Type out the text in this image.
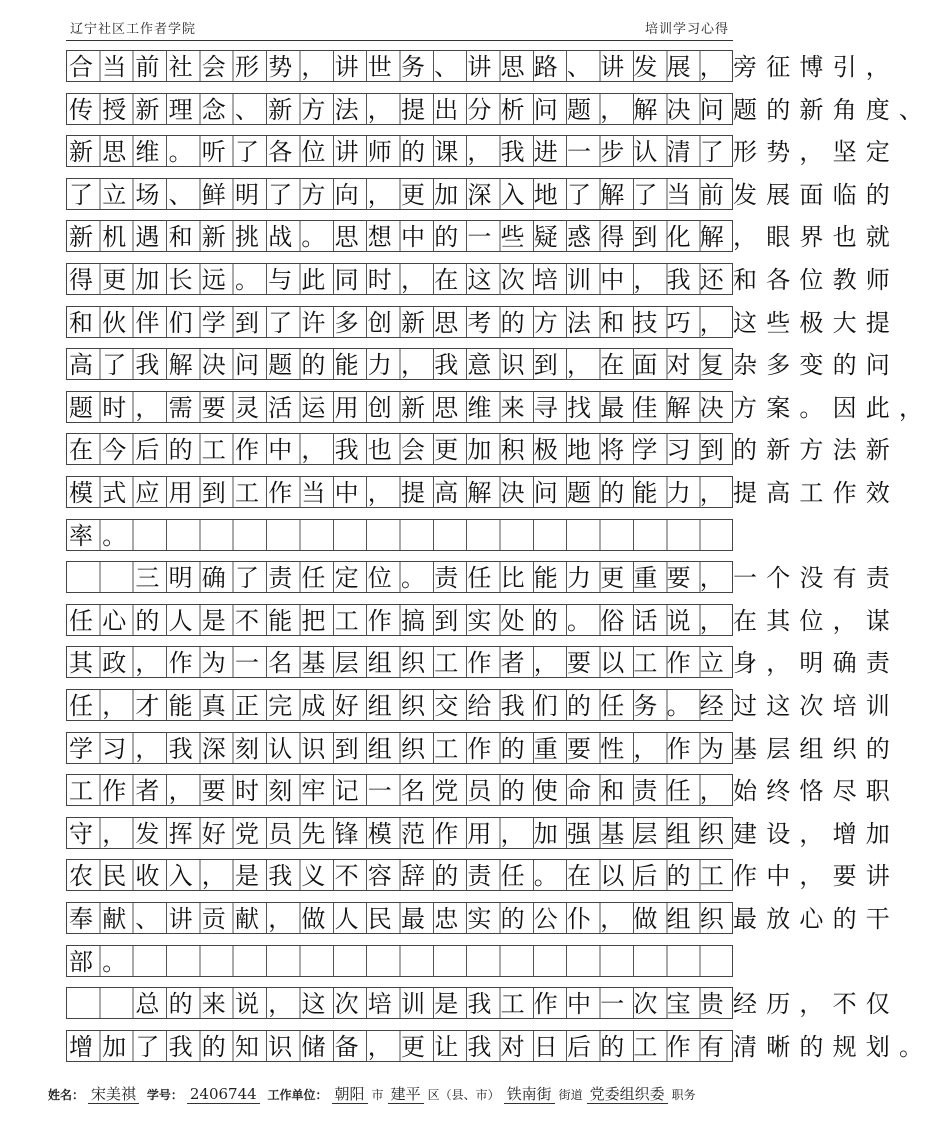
辽宁社区工作者学院	培训学习心得
合当前社会形势，讲世务、讲思路、讲发展，旁征博引，
传授新理念、新方法，提出分析问题，解决问题的新角度、
新思维。听了各位讲师的课，我进一步认清了形势，坚定
了立场、鲜明了方向，更加深入地了解了当前发展面临的
新机遇和新挑战。思想中的一些疑惑得到化解，眼界也就
得更加长远。与此同时，在这次培训中，我还和各位教师
和伙伴们学到了许多创新思考的方法和技巧，这些极大提
高了我解决问题的能力，我意识到，在面对复杂多变的问
题时，需要灵活运用创新思维来寻找最佳解决方案。因此，
在今后的工作中，我也会更加积极地将学习到的新方法新
模式应用到工作当中，提高解决问题的能力，提高工作效
率。
　　三明确了责任定位。责任比能力更重要，一个没有责
任心的人是不能把工作搞到实处的。俗话说，在其位，谋
其政，作为一名基层组织工作者，要以工作立身，明确责
任，才能真正完成好组织交给我们的任务。经过这次培训
学习，我深刻认识到组织工作的重要性，作为基层组织的
工作者，要时刻牢记一名党员的使命和责任，始终恪尽职
守，发挥好党员先锋模范作用，加强基层组织建设，增加
农民收入，是我义不容辞的责任。在以后的工作中，要讲
奉献、讲贡献，做人民最忠实的公仆，做组织最放心的干
部。
　　总的来说，这次培训是我工作中一次宝贵经历，不仅
增加了我的知识储备，更让我对日后的工作有清晰的规划。
姓名： 宋美祺 学号： 2406744 工作单位： 朝阳 市 建平 区（县、市） 铁南街 街道 党委组织委 职务
